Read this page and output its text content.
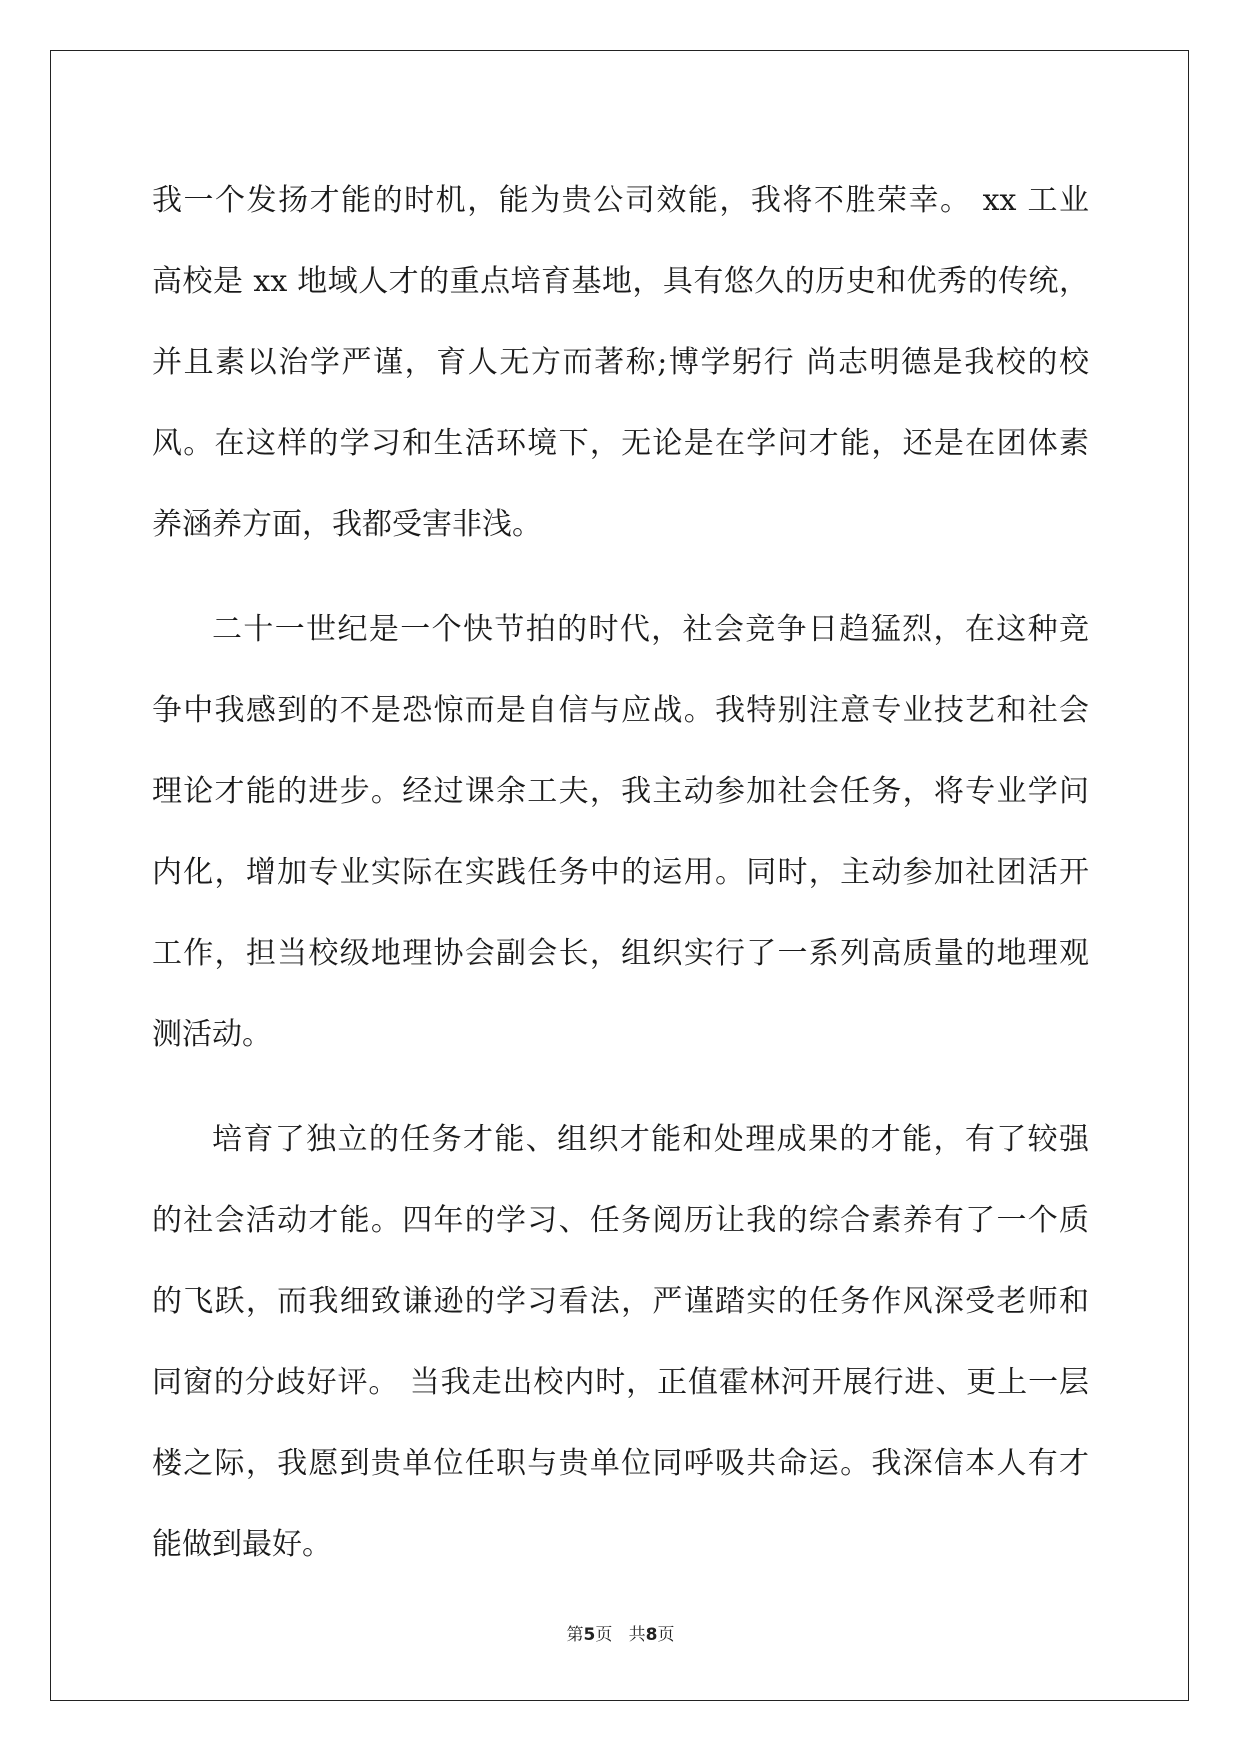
我一个发扬才能的时机，能为贵公司效能，我将不胜荣幸。 xx 工业
高校是 xx 地域人才的重点培育基地，具有悠久的历史和优秀的传统，
并且素以治学严谨，育人无方而著称;博学躬行 尚志明德是我校的校
风。在这样的学习和生活环境下，无论是在学问才能，还是在团体素
养涵养方面，我都受害非浅。

二十一世纪是一个快节拍的时代，社会竞争日趋猛烈，在这种竞
争中我感到的不是恐惊而是自信与应战。我特别注意专业技艺和社会
理论才能的进步。经过课余工夫，我主动参加社会任务，将专业学问
内化，增加专业实际在实践任务中的运用。同时，主动参加社团活开
工作，担当校级地理协会副会长，组织实行了一系列高质量的地理观
测活动。

培育了独立的任务才能、组织才能和处理成果的才能，有了较强
的社会活动才能。四年的学习、任务阅历让我的综合素养有了一个质
的飞跃，而我细致谦逊的学习看法，严谨踏实的任务作风深受老师和
同窗的分歧好评。 当我走出校内时，正值霍林河开展行进、更上一层
楼之际，我愿到贵单位任职与贵单位同呼吸共命运。我深信本人有才
能做到最好。

第5页 共8页
